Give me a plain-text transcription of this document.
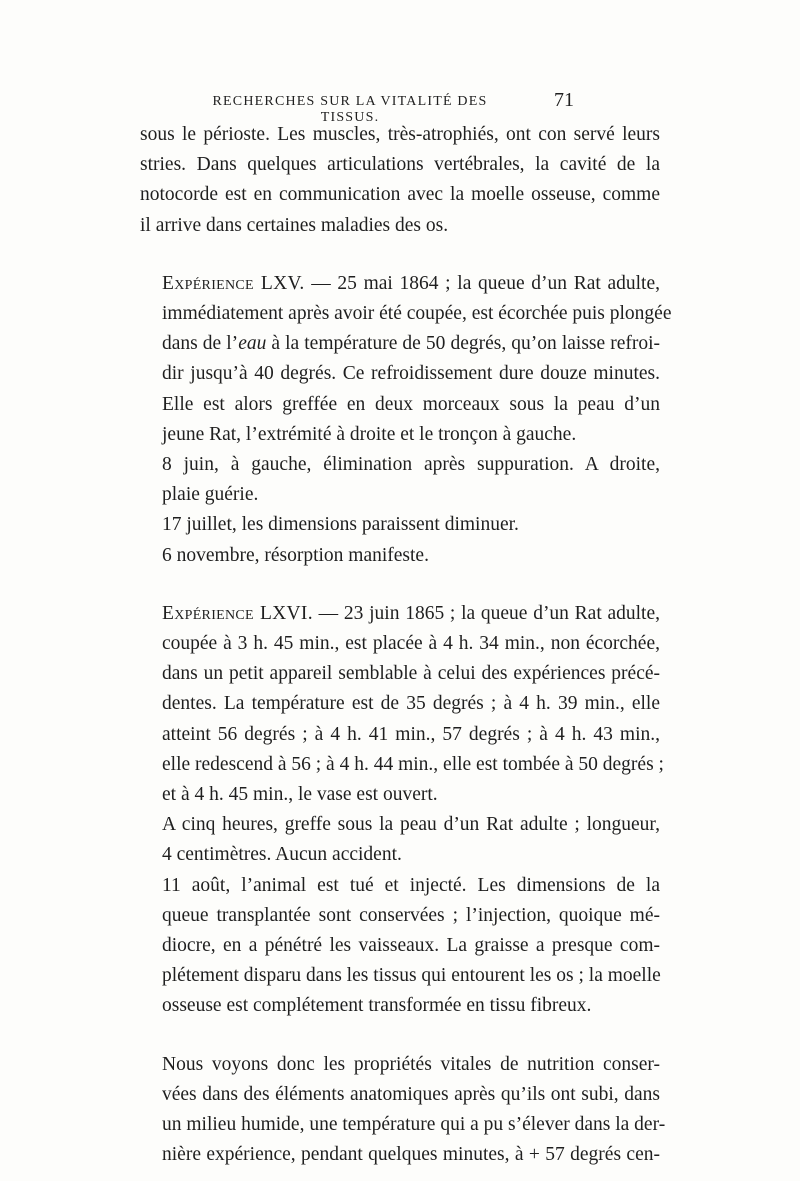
RECHERCHES SUR LA VITALITÉ DES TISSUS.
71

sous le périoste. Les muscles, très-atrophiés, ont con servé leurs
stries. Dans quelques articulations vertébrales, la cavité de la
notocorde est en communication avec la moelle osseuse, comme
il arrive dans certaines maladies des os.

Expérience LXV. — 25 mai 1864 ; la queue d’un Rat adulte,
immédiatement après avoir été coupée, est écorchée puis plongée
dans de l’eau à la température de 50 degrés, qu’on laisse refroi-
dir jusqu’à 40 degrés. Ce refroidissement dure douze minutes.

Elle est alors greffée en deux morceaux sous la peau d’un
jeune Rat, l’extrémité à droite et le tronçon à gauche.

8 juin, à gauche, élimination après suppuration. A droite,
plaie guérie.

17 juillet, les dimensions paraissent diminuer.

6 novembre, résorption manifeste.

Expérience LXVI. — 23 juin 1865 ; la queue d’un Rat adulte,
coupée à 3 h. 45 min., est placée à 4 h. 34 min., non écorchée,
dans un petit appareil semblable à celui des expériences précé-
dentes. La température est de 35 degrés ; à 4 h. 39 min., elle
atteint 56 degrés ; à 4 h. 41 min., 57 degrés ; à 4 h. 43 min.,
elle redescend à 56 ; à 4 h. 44 min., elle est tombée à 50 degrés ;
et à 4 h. 45 min., le vase est ouvert.

A cinq heures, greffe sous la peau d’un Rat adulte ; longueur,
4 centimètres. Aucun accident.

11 août, l’animal est tué et injecté. Les dimensions de la
queue transplantée sont conservées ; l’injection, quoique mé-
diocre, en a pénétré les vaisseaux. La graisse a presque com-
plétement disparu dans les tissus qui entourent les os ; la moelle
osseuse est complétement transformée en tissu fibreux.

Nous voyons donc les propriétés vitales de nutrition conser-
vées dans des éléments anatomiques après qu’ils ont subi, dans
un milieu humide, une température qui a pu s’élever dans la der-
nière expérience, pendant quelques minutes, à + 57 degrés cen-
